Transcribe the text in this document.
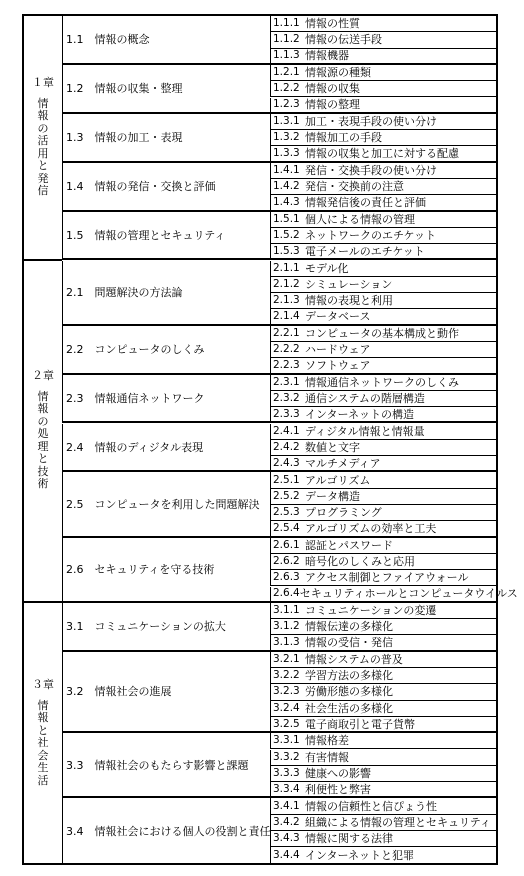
1.1.1 情報の性質
1.1.2 情報の伝送手段
1.1.3 情報機器
1.1　情報の概念
1.2.1 情報源の種類
1.2.2 情報の収集
1.2.3 情報の整理
1.2　情報の収集・整理
1.3.1 加工・表現手段の使い分け
1.3.2 情報加工の手段
1.3.3 情報の収集と加工に対する配慮
1.3　情報の加工・表現
1.4.1 発信・交換手段の使い分け
1.4.2 発信・交換前の注意
1.4.3 情報発信後の責任と評価
1.4　情報の発信・交換と評価
1.5.1 個人による情報の管理
1.5.2 ネットワークのエチケット
1.5.3 電子メールのエチケット
1.5　情報の管理とセキュリティ
１章
情
報
の
活
用
と
発
信
2.1.1 モデル化
2.1.2 シミュレーション
2.1.3 情報の表現と利用
2.1.4 データベース
2.1　問題解決の方法論
2.2.1 コンピュータの基本構成と動作
2.2.2 ハードウェア
2.2.3 ソフトウェア
2.2　コンピュータのしくみ
2.3.1 情報通信ネットワークのしくみ
2.3.2 通信システムの階層構造
2.3.3 インターネットの構造
2.3　情報通信ネットワーク
2.4.1 ディジタル情報と情報量
2.4.2 数値と文字
2.4.3 マルチメディア
2.4　情報のディジタル表現
2.5.1 アルゴリズム
2.5.2 データ構造
2.5.3 プログラミング
2.5.4 アルゴリズムの効率と工夫
2.5　コンピュータを利用した問題解決
2.6.1 認証とパスワード
2.6.2 暗号化のしくみと応用
2.6.3 アクセス制御とファイアウォール
2.6.4 セキュリティホールとコンピュータウイルス
2.6　セキュリティを守る技術
２章
情
報
の
処
理
と
技
術
3.1.1 コミュニケーションの変遷
3.1.2 情報伝達の多様化
3.1.3 情報の受信・発信
3.1　コミュニケーションの拡大
3.2.1 情報システムの普及
3.2.2 学習方法の多様化
3.2.3 労働形態の多様化
3.2.4 社会生活の多様化
3.2.5 電子商取引と電子貨幣
3.2　情報社会の進展
3.3.1 情報格差
3.3.2 有害情報
3.3.3 健康への影響
3.3.4 利便性と弊害
3.3　情報社会のもたらす影響と課題
3.4.1 情報の信頼性と信ぴょう性
3.4.2 組織による情報の管理とセキュリティ
3.4.3 情報に関する法律
3.4.4 インターネットと犯罪
3.4　情報社会における個人の役割と責任
３章
情
報
と
社
会
生
活
